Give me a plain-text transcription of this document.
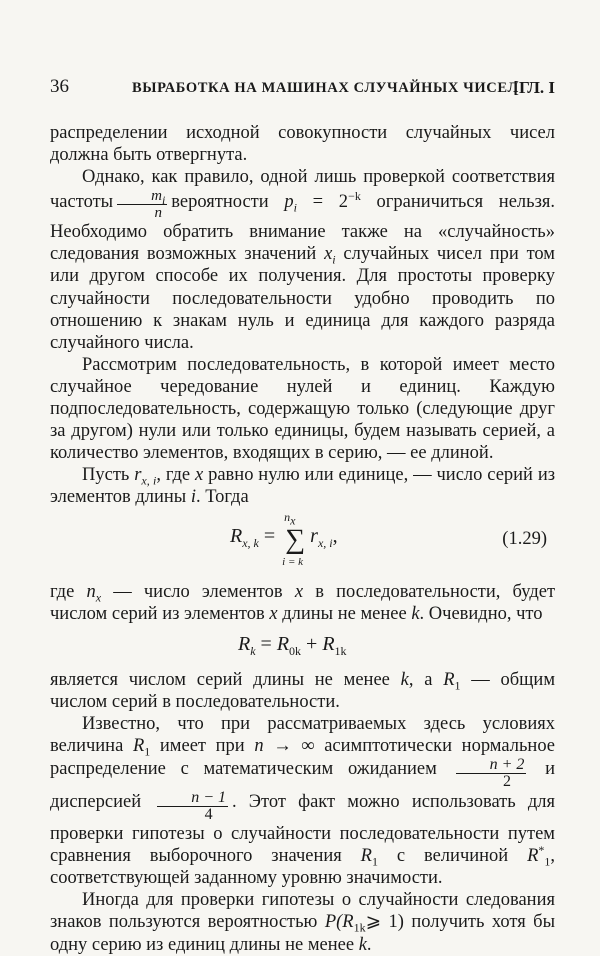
36	ВЫРАБОТКА НА МАШИНАХ СЛУЧАЙНЫХ ЧИСЕЛ
[ГЛ. I

распределении исходной совокупности случайных чисел должна быть отвергнута.

Однако, как правило, одной лишь проверкой соответствия частоты $\frac{m_i}{n}$ вероятности $p_i = 2^{-k}$ ограничиться нельзя. Необходимо обратить внимание также на «случайность» следования возможных значений $x_i$ случайных чисел при том или другом способе их получения. Для простоты проверку случайности последовательности удобно проводить по отношению к знакам нуль и единица для каждого разряда случайного числа.

Рассмотрим последовательность, в которой имеет место случайное чередование нулей и единиц. Каждую подпоследовательность, содержащую только (следующие друг за другом) нули или только единицы, будем называть серией, а количество элементов, входящих в серию, — ее длиной.

Пусть $r_{x, i}$, где x равно нулю или единице, — число серий из элементов длины i. Тогда

$R_{x, k}$ =
$n_x$
∑
i = k
$r_{x, i}$,	(1.29)

где $n_x$ — число элементов x в последовательности, будет числом серий из элементов x длины не менее k. Очевидно, что

$R_k = R_{0k} + R_{1k}$

является числом серий длины не менее k, а $R_1$ — общим числом серий в последовательности.

Известно, что при рассматриваемых здесь условиях величина $R_1$ имеет при n → ∞ асимптотически нормальное распределение с математическим ожиданием $\frac{n + 2}{2}$ и дисперсией $\frac{n - 1}{4}$ . Этот факт можно использовать для проверки гипотезы о случайности последовательности путем сравнения выборочного значения $R_1$ с величиной $R^*_1$, соответствующей заданному уровню значимости.

Иногда для проверки гипотезы о случайности следования знаков пользуются вероятностью $P(R_{1k}⩾$ 1) получить хотя бы одну серию из единиц длины не менее k.
